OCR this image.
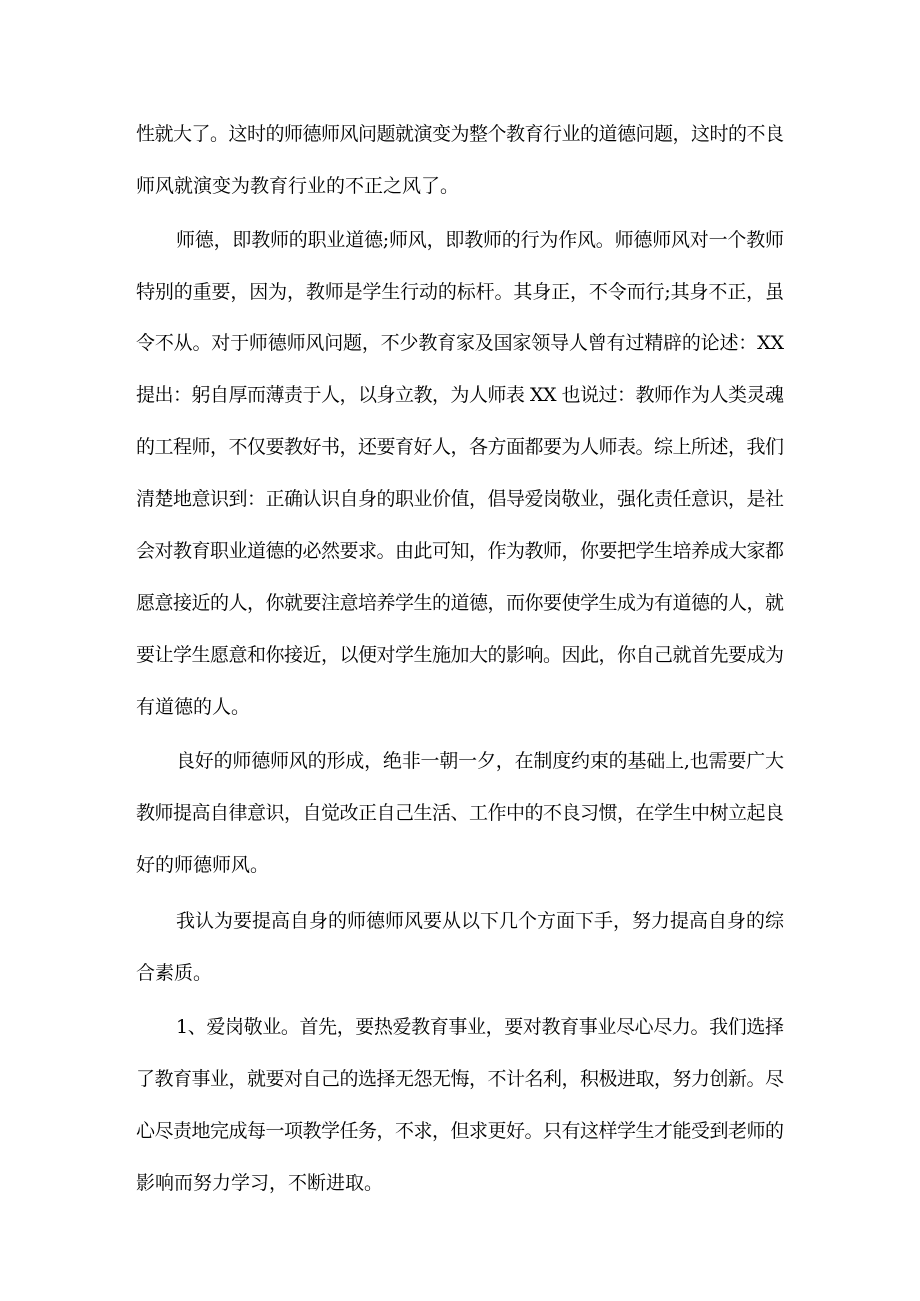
性就大了。这时的师德师风问题就演变为整个教育行业的道德问题，这时的不良
师风就演变为教育行业的不正之风了。
师德，即教师的职业道德;师风，即教师的行为作风。师德师风对一个教师
特别的重要，因为，教师是学生行动的标杆。其身正，不令而行;其身不正，虽
令不从。对于师德师风问题，不少教育家及国家领导人曾有过精辟的论述：XX
提出：躬自厚而薄责于人，以身立教，为人师表 XX 也说过：教师作为人类灵魂
的工程师，不仅要教好书，还要育好人，各方面都要为人师表。综上所述，我们
清楚地意识到：正确认识自身的职业价值，倡导爱岗敬业，强化责任意识，是社
会对教育职业道德的必然要求。由此可知，作为教师，你要把学生培养成大家都
愿意接近的人，你就要注意培养学生的道德，而你要使学生成为有道德的人，就
要让学生愿意和你接近，以便对学生施加大的影响。因此，你自己就首先要成为
有道德的人。
良好的师德师风的形成，绝非一朝一夕，在制度约束的基础上,也需要广大
教师提高自律意识，自觉改正自己生活、工作中的不良习惯，在学生中树立起良
好的师德师风。
我认为要提高自身的师德师风要从以下几个方面下手，努力提高自身的综
合素质。
1、爱岗敬业。首先，要热爱教育事业，要对教育事业尽心尽力。我们选择
了教育事业，就要对自己的选择无怨无悔，不计名利，积极进取，努力创新。尽
心尽责地完成每一项教学任务，不求，但求更好。只有这样学生才能受到老师的
影响而努力学习，不断进取。
